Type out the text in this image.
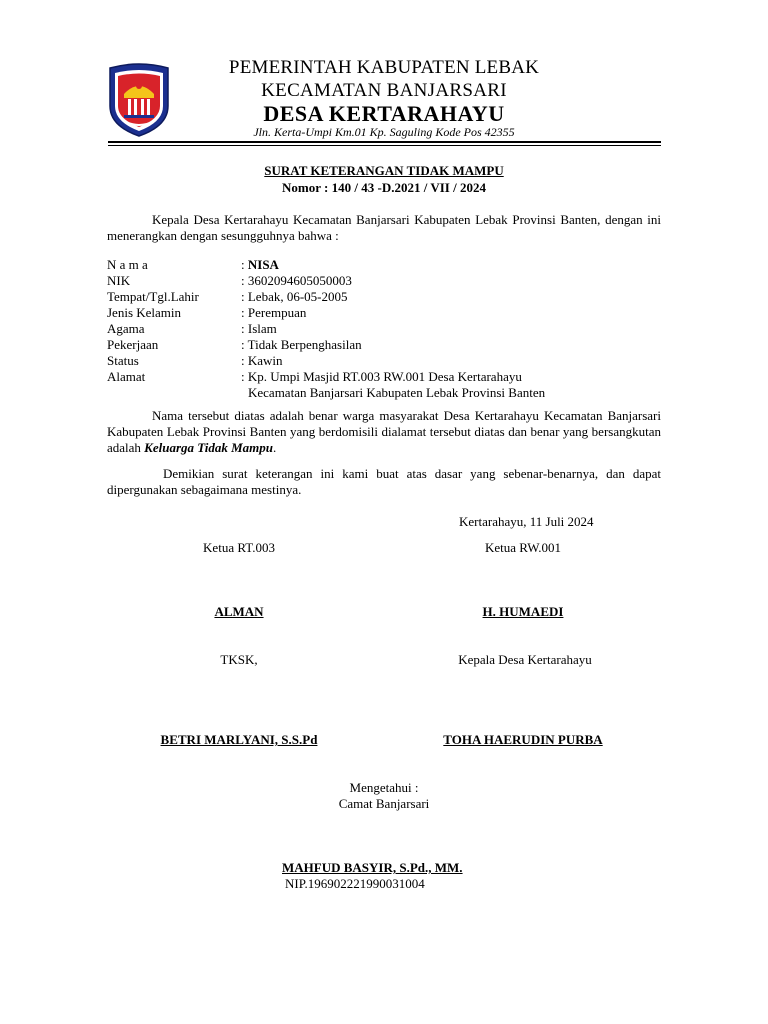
PEMERINTAH KABUPATEN LEBAK
KECAMATAN BANJARSARI
DESA KERTARAHAYU
Jln. Kerta-Umpi Km.01 Kp. Saguling Kode Pos 42355
SURAT KETERANGAN TIDAK MAMPU
Nomor : 140 / 43 -D.2021 / VII / 2024
Kepala Desa Kertarahayu Kecamatan Banjarsari Kabupaten Lebak Provinsi Banten, dengan ini menerangkan dengan sesungguhnya bahwa :
N a m a	: NISA
NIK	: 3602094605050003
Tempat/Tgl.Lahir	: Lebak, 06-05-2005
Jenis Kelamin	: Perempuan
Agama	: Islam
Pekerjaan	: Tidak Berpenghasilan
Status	: Kawin
Alamat	: Kp. Umpi Masjid RT.003 RW.001 Desa Kertarahayu
Kecamatan Banjarsari Kabupaten Lebak Provinsi Banten
Nama tersebut diatas adalah benar warga masyarakat Desa Kertarahayu Kecamatan Banjarsari Kabupaten Lebak Provinsi Banten yang berdomisili dialamat tersebut diatas dan benar yang bersangkutan adalah Keluarga Tidak Mampu.
Demikian surat keterangan ini kami buat atas dasar yang sebenar-benarnya, dan dapat dipergunakan sebagaimana mestinya.
Kertarahayu, 11 Juli 2024
Ketua RT.003	Ketua RW.001
ALMAN	H. HUMAEDI
TKSK,	Kepala Desa Kertarahayu
BETRI MARLYANI, S.S.Pd	TOHA HAERUDIN PURBA
Mengetahui :
Camat Banjarsari
MAHFUD BASYIR, S.Pd., MM.
NIP.196902221990031004
